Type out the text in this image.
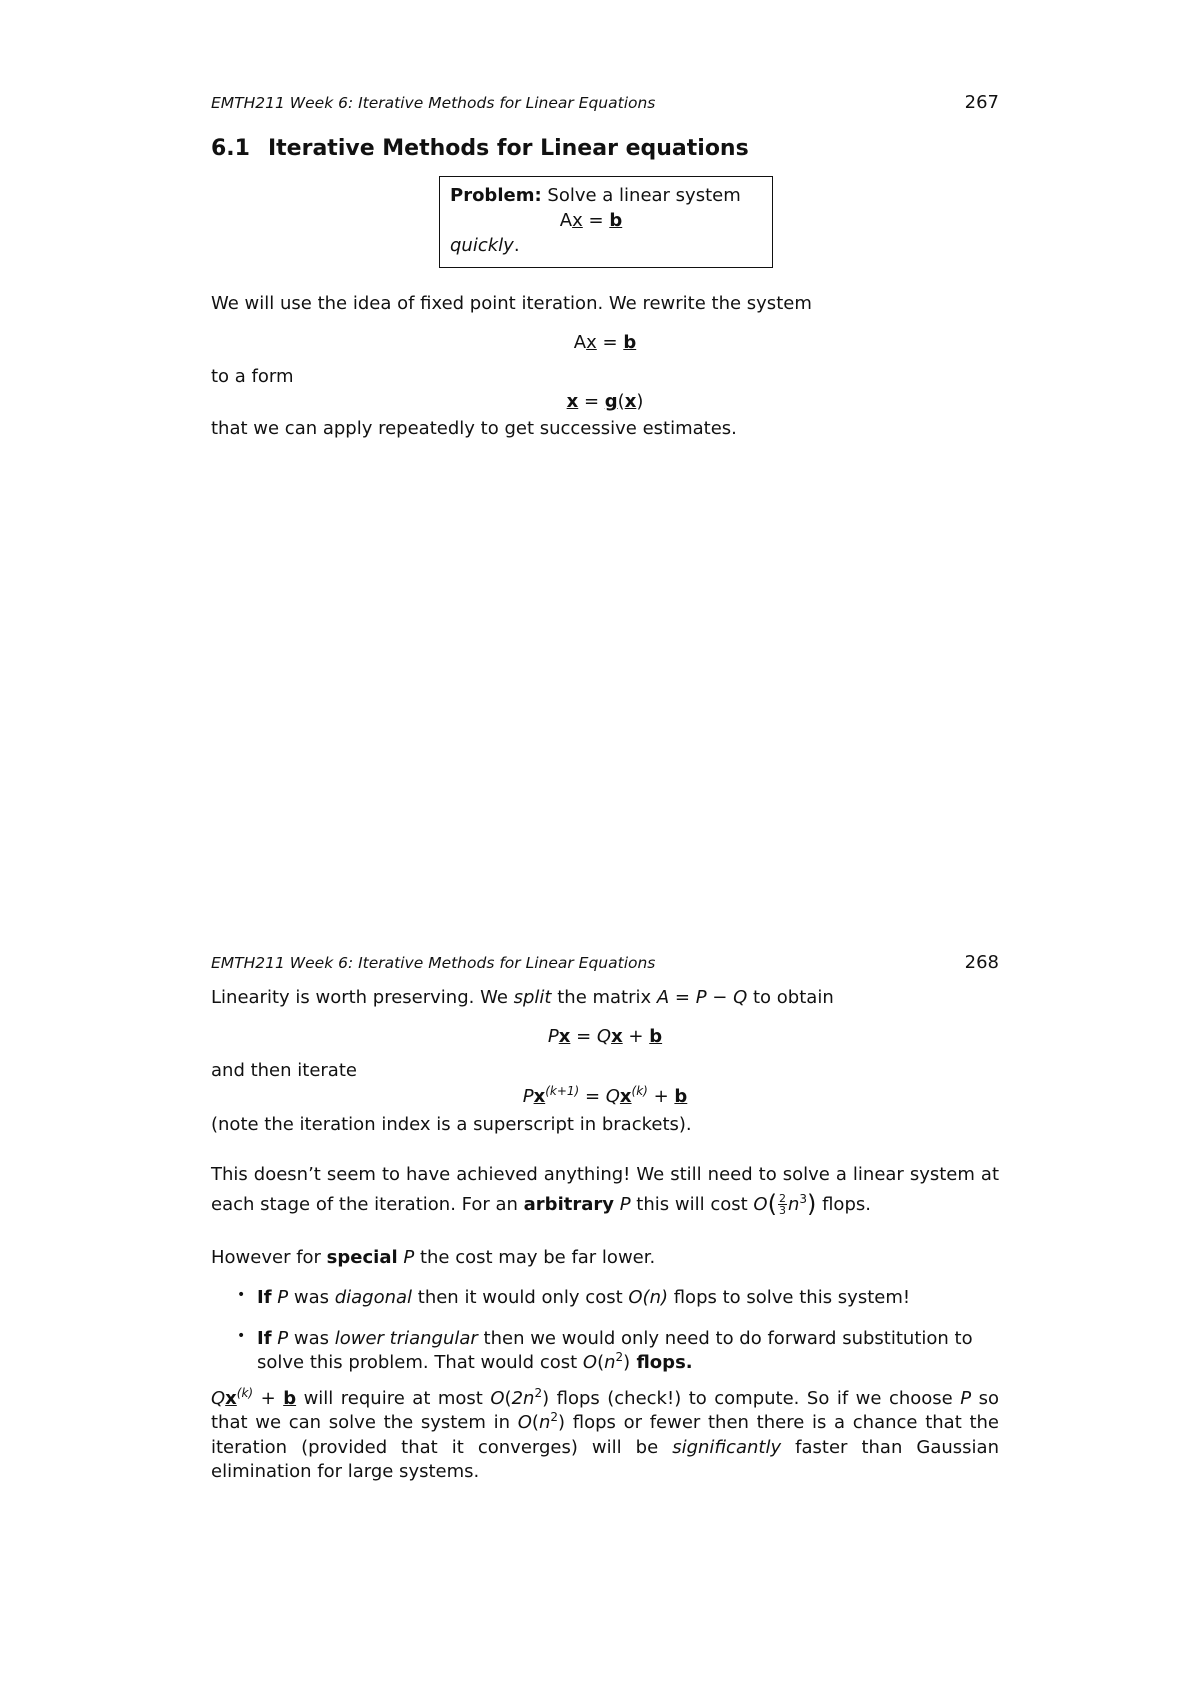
EMTH211 Week 6: Iterative Methods for Linear Equations	267
6.1 Iterative Methods for Linear equations
Problem: Solve a linear system
Ax = b
quickly.

We will use the idea of fixed point iteration. We rewrite the system

Ax = b

to a form

x = g(x)

that we can apply repeatedly to get successive estimates.

EMTH211 Week 6: Iterative Methods for Linear Equations	268

Linearity is worth preserving. We split the matrix A = P − Q to obtain

Px = Qx + b

and then iterate

$Px^{(k+1)} = Qx^{(k)} + b$

(note the iteration index is a superscript in brackets).

This doesn’t seem to have achieved anything! We still need to solve a linear system at each stage of the iteration. For an arbitrary P this will cost $O( \frac{2}{3} n^3)$ flops.

However for special P the cost may be far lower.

• If P was diagonal then it would only cost O(n) flops to solve this system!
• If P was lower triangular then we would only need to do forward substitution to solve this problem. That would cost $O(n^2)$ flops.

$Qx^{(k)} + b$ will require at most $O(2n^2)$ flops (check!) to compute. So if we choose P so that we can solve the system in $O(n^2)$ flops or fewer then there is a chance that the iteration (provided that it converges) will be significantly faster than Gaussian elimination for large systems.
